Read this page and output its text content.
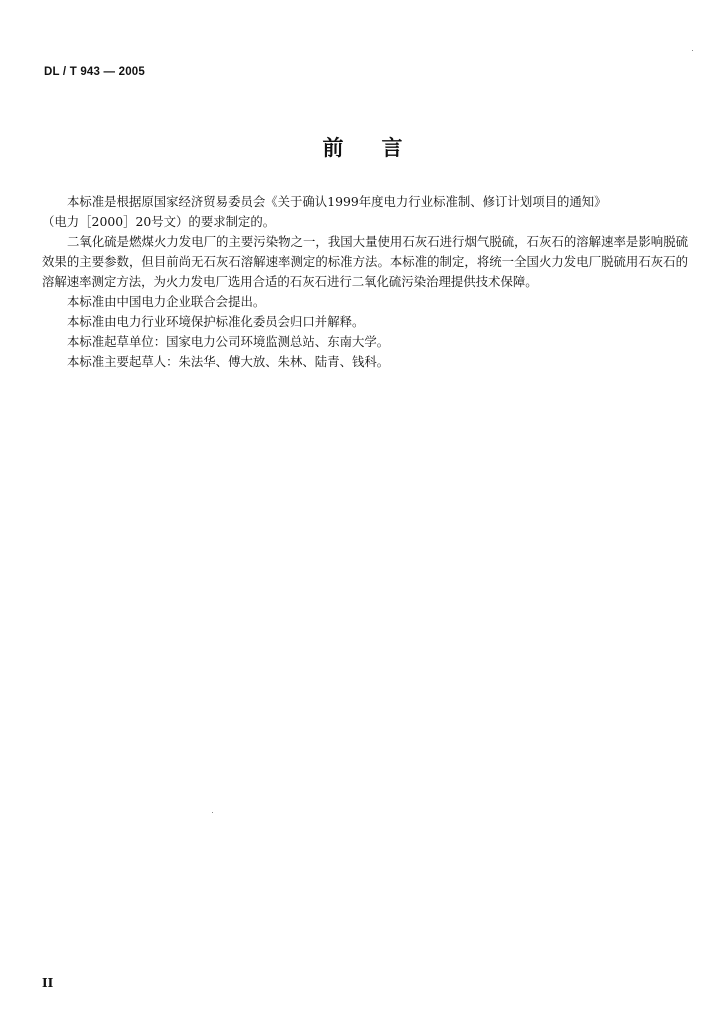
DL / T 943 — 2005
前 言

本标准是根据原国家经济贸易委员会《关于确认1999年度电力行业标准制、修订计划项目的通知》

（电力［2000］20号文）的要求制定的。

二氧化硫是燃煤火力发电厂的主要污染物之一，我国大量使用石灰石进行烟气脱硫，石灰石的溶解速率是影响脱硫效果的主要参数，但目前尚无石灰石溶解速率测定的标准方法。本标准的制定，将统一全国火力发电厂脱硫用石灰石的溶解速率测定方法，为火力发电厂选用合适的石灰石进行二氧化硫污染治理提供技术保障。

本标准由中国电力企业联合会提出。

本标准由电力行业环境保护标准化委员会归口并解释。

本标准起草单位：国家电力公司环境监测总站、东南大学。

本标准主要起草人：朱法华、傅大放、朱林、陆青、钱科。

II
